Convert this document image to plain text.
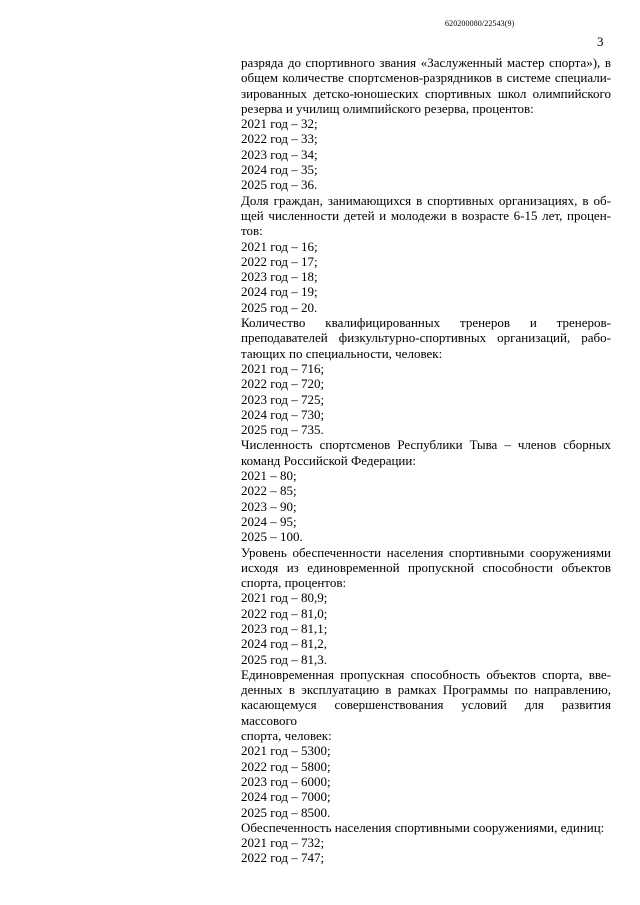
620200080/22543(9)
3

разряда до спортивного звания «Заслуженный мастер спорта»), в

общем количестве спортсменов-разрядников в системе специали-

зированных детско-юношеских спортивных школ олимпийского

резерва и училищ олимпийского резерва, процентов:

2021 год – 32;

2022 год – 33;

2023 год – 34;

2024 год – 35;

2025 год – 36.

Доля граждан, занимающихся в спортивных организациях, в об-

щей численности детей и молодежи в возрасте 6-15 лет, процен-

тов:

2021 год – 16;

2022 год – 17;

2023 год – 18;

2024 год – 19;

2025 год – 20.

Количество квалифицированных тренеров и тренеров-

преподавателей физкультурно-спортивных организаций, рабо-

тающих по специальности, человек:

2021 год – 716;

2022 год – 720;

2023 год – 725;

2024 год – 730;

2025 год – 735.

Численность спортсменов Республики Тыва – членов сборных

команд Российской Федерации:

2021 – 80;

2022 – 85;

2023 – 90;

2024 – 95;

2025 – 100.

Уровень обеспеченности населения спортивными сооружениями

исходя из единовременной пропускной способности объектов

спорта, процентов:

2021 год – 80,9;

2022 год – 81,0;

2023 год – 81,1;

2024 год – 81,2,

2025 год – 81,3.

Единовременная пропускная способность объектов спорта, вве-

денных в эксплуатацию в рамках Программы по направлению,

касающемуся совершенствования условий для развития массового

спорта, человек:

2021 год – 5300;

2022 год – 5800;

2023 год – 6000;

2024 год – 7000;

2025 год – 8500.

Обеспеченность населения спортивными сооружениями, единиц:

2021 год – 732;

2022 год – 747;
